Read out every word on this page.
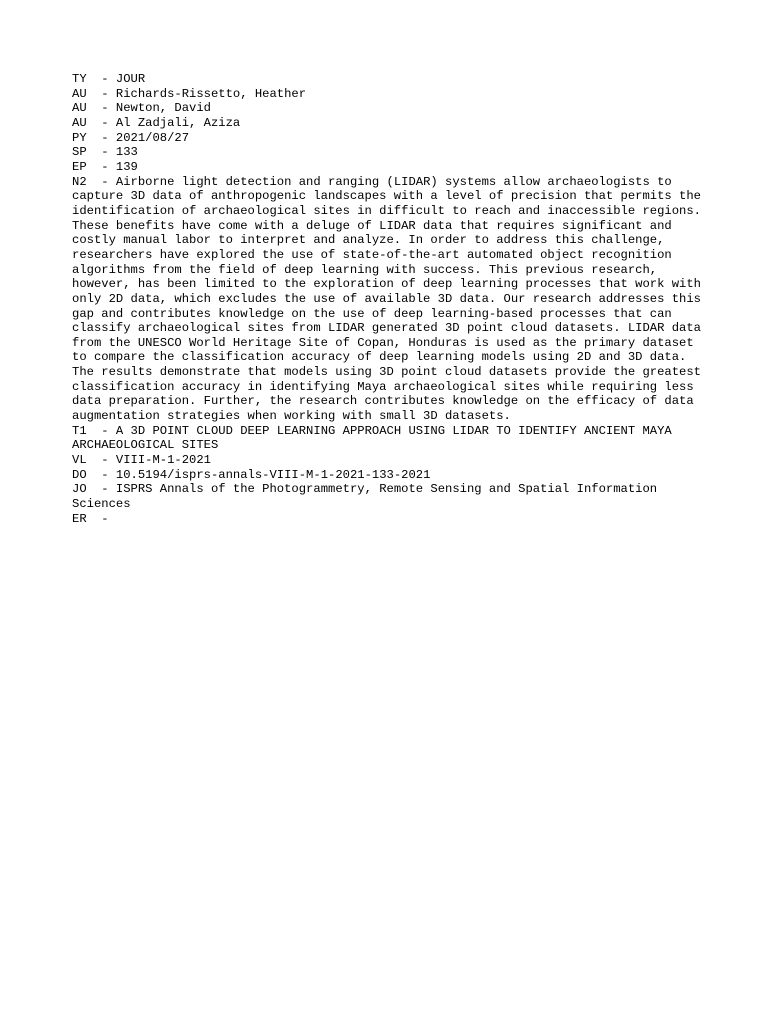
TY  - JOUR
AU  - Richards-Rissetto, Heather
AU  - Newton, David
AU  - Al Zadjali, Aziza
PY  - 2021/08/27
SP  - 133
EP  - 139
N2  - Airborne light detection and ranging (LIDAR) systems allow archaeologists to capture 3D data of anthropogenic landscapes with a level of precision that permits the identification of archaeological sites in difficult to reach and inaccessible regions. These benefits have come with a deluge of LIDAR data that requires significant and costly manual labor to interpret and analyze. In order to address this challenge, researchers have explored the use of state-of-the-art automated object recognition algorithms from the field of deep learning with success. This previous research, however, has been limited to the exploration of deep learning processes that work with only 2D data, which excludes the use of available 3D data. Our research addresses this gap and contributes knowledge on the use of deep learning-based processes that can classify archaeological sites from LIDAR generated 3D point cloud datasets. LIDAR data from the UNESCO World Heritage Site of Copan, Honduras is used as the primary dataset to compare the classification accuracy of deep learning models using 2D and 3D data. The results demonstrate that models using 3D point cloud datasets provide the greatest classification accuracy in identifying Maya archaeological sites while requiring less data preparation. Further, the research contributes knowledge on the efficacy of data augmentation strategies when working with small 3D datasets.
T1  - A 3D POINT CLOUD DEEP LEARNING APPROACH USING LIDAR TO IDENTIFY ANCIENT MAYA ARCHAEOLOGICAL SITES
VL  - VIII-M-1-2021
DO  - 10.5194/isprs-annals-VIII-M-1-2021-133-2021
JO  - ISPRS Annals of the Photogrammetry, Remote Sensing and Spatial Information Sciences
ER  -
